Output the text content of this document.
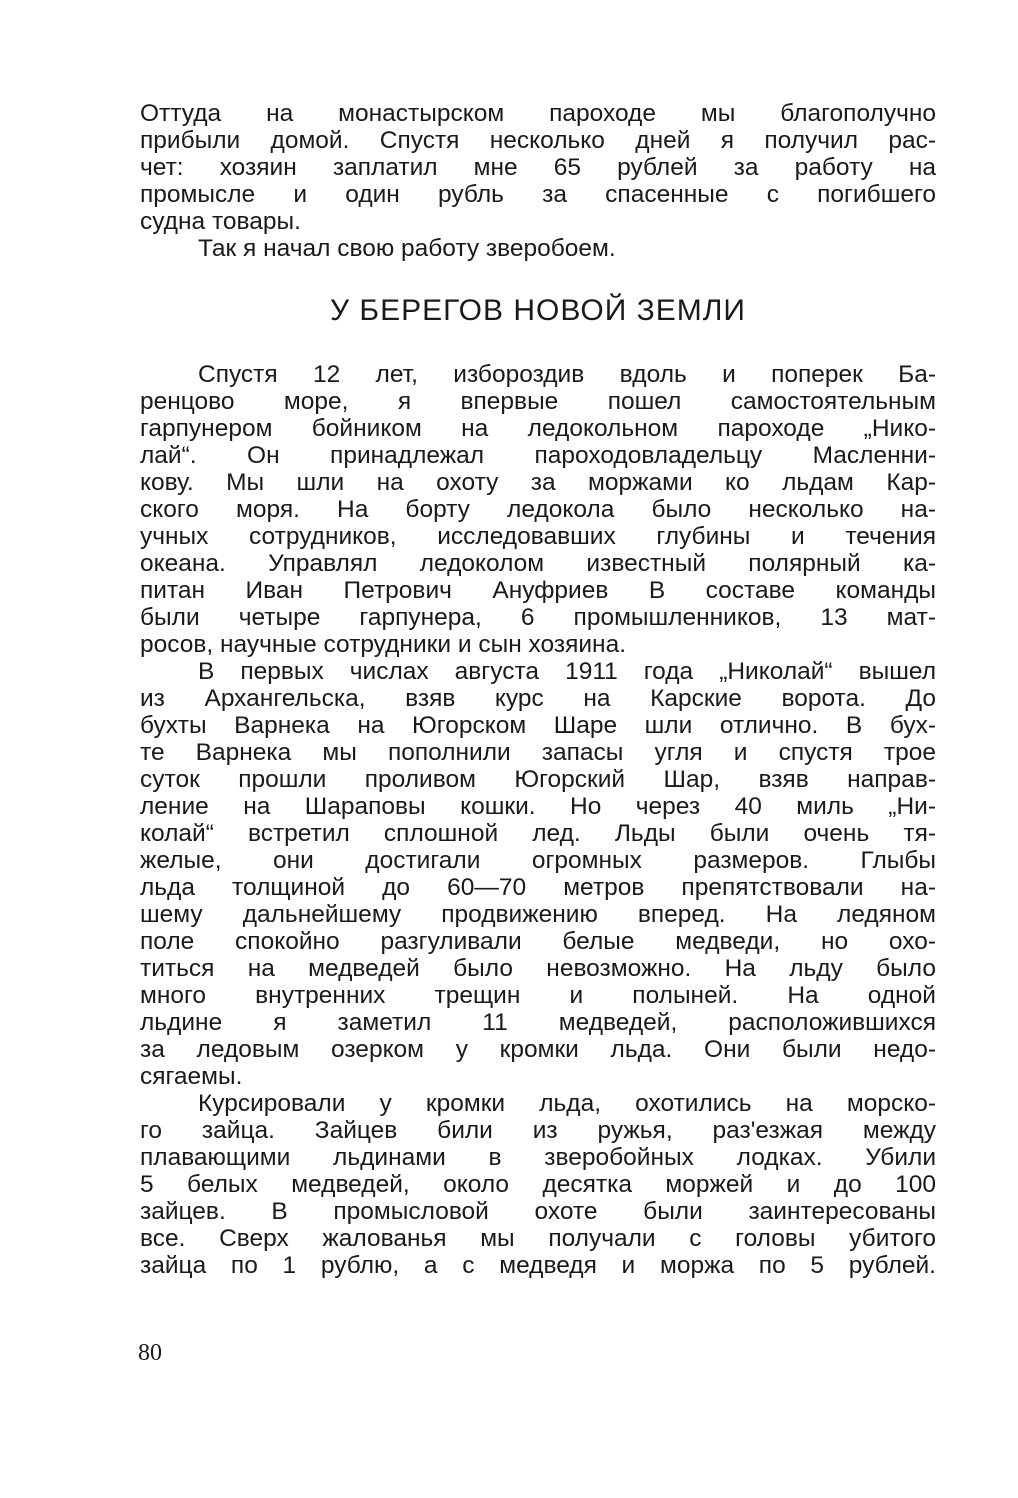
Оттуда на монастырском пароходе мы благополучно
прибыли домой. Спустя несколько дней я получил рас-
чет: хозяин заплатил мне 65 рублей за работу на
промысле и один рубль за спасенные с погибшего
судна товары.
Так я начал свою работу зверобоем.
У БЕРЕГОВ НОВОЙ ЗЕМЛИ
Спустя 12 лет, избороздив вдоль и поперек Ба-
ренцово море, я впервые пошел самостоятельным
гарпунером бойником на ледокольном пароходе „Нико-
лай“. Он принадлежал пароходовладельцу Масленни-
кову. Мы шли на охоту за моржами ко льдам Кар-
ского моря. На борту ледокола было несколько на-
учных сотрудников, исследовавших глубины и течения
океана. Управлял ледоколом известный полярный ка-
питан Иван Петрович Ануфриев В составе команды
были четыре гарпунера, 6 промышленников, 13 мат-
росов, научные сотрудники и сын хозяина.
В первых числах августа 1911 года „Николай“ вышел
из Архангельска, взяв курс на Карские ворота. До
бухты Варнека на Югорском Шаре шли отлично. В бух-
те Варнека мы пополнили запасы угля и спустя трое
суток прошли проливом Югорский Шар, взяв направ-
ление на Шараповы кошки. Но через 40 миль „Ни-
колай“ встретил сплошной лед. Льды были очень тя-
желые, они достигали огромных размеров. Глыбы
льда толщиной до 60—70 метров препятствовали на-
шему дальнейшему продвижению вперед. На ледяном
поле спокойно разгуливали белые медведи, но охо-
титься на медведей было невозможно. На льду было
много внутренних трещин и полыней. На одной
льдине я заметил 11 медведей, расположившихся
за ледовым озерком у кромки льда. Они были недо-
сягаемы.
Курсировали у кромки льда, охотились на морско-
го зайца. Зайцев били из ружья, раз'езжая между
плавающими льдинами в зверобойных лодках. Убили
5 белых медведей, около десятка моржей и до 100
зайцев. В промысловой охоте были заинтересованы
все. Сверх жалованья мы получали с головы убитого
зайца по 1 рублю, а с медведя и моржа по 5 рублей.
80
